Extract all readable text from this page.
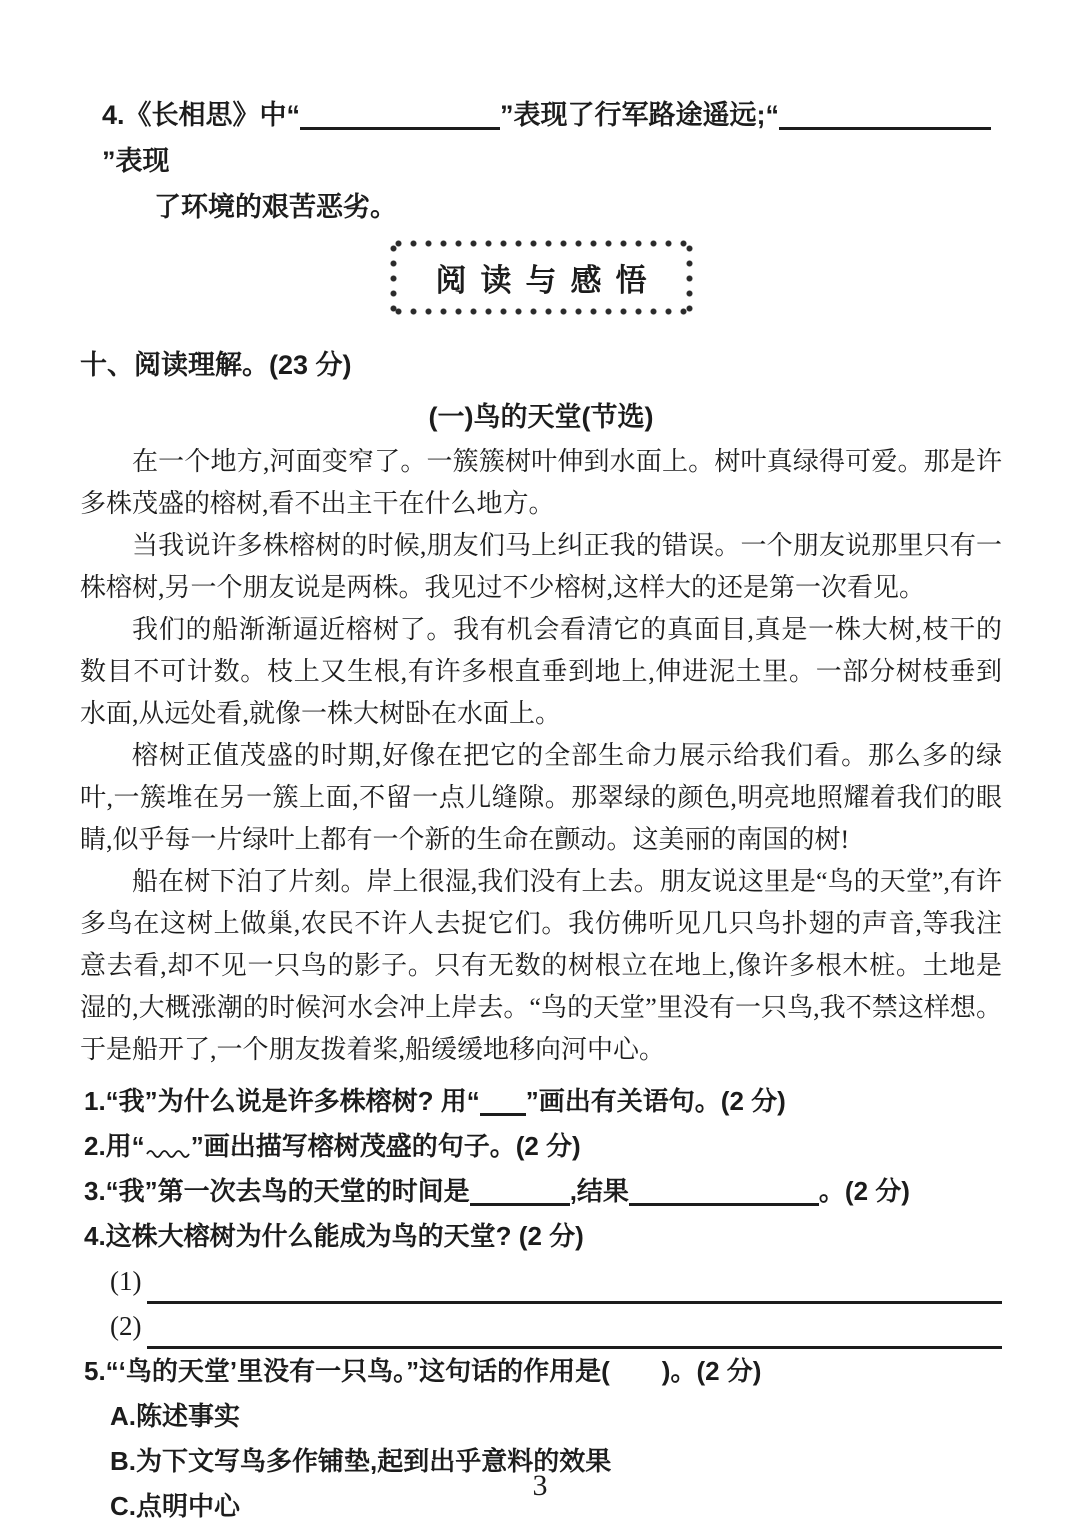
4.《长相思》中“	”表现了行军路途遥远;“”表现
了环境的艰苦恶劣。
阅读与感悟
十、阅读理解。(23 分)
(一)鸟的天堂(节选)

在一个地方,河面变窄了。一簇簇树叶伸到水面上。树叶真绿得可爱。那是许多株茂盛的榕树,看不出主干在什么地方。

当我说许多株榕树的时候,朋友们马上纠正我的错误。一个朋友说那里只有一株榕树,另一个朋友说是两株。我见过不少榕树,这样大的还是第一次看见。

我们的船渐渐逼近榕树了。我有机会看清它的真面目,真是一株大树,枝干的数目不可计数。枝上又生根,有许多根直垂到地上,伸进泥土里。一部分树枝垂到水面,从远处看,就像一株大树卧在水面上。

榕树正值茂盛的时期,好像在把它的全部生命力展示给我们看。那么多的绿叶,一簇堆在另一簇上面,不留一点儿缝隙。那翠绿的颜色,明亮地照耀着我们的眼睛,似乎每一片绿叶上都有一个新的生命在颤动。这美丽的南国的树!

船在树下泊了片刻。岸上很湿,我们没有上去。朋友说这里是“鸟的天堂”,有许多鸟在这树上做巢,农民不许人去捉它们。我仿佛听见几只鸟扑翅的声音,等我注意去看,却不见一只鸟的影子。只有无数的树根立在地上,像许多根木桩。土地是湿的,大概涨潮的时候河水会冲上岸去。“鸟的天堂”里没有一只鸟,我不禁这样想。于是船开了,一个朋友拨着桨,船缓缓地移向河中心。

1.“我”为什么说是许多株榕树? 用“ ”画出有关语句。(2 分)
2.用“ ”画出描写榕树茂盛的句子。(2 分)
3.“我”第一次去鸟的天堂的时间是	,结果	。(2 分)
4.这株大榕树为什么能成为鸟的天堂? (2 分)
(1)
(2)
5.“‘鸟的天堂’里没有一只鸟。”这句话的作用是( )。(2 分)
A.陈述事实
B.为下文写鸟多作铺垫,起到出乎意料的效果
C.点明中心
3
